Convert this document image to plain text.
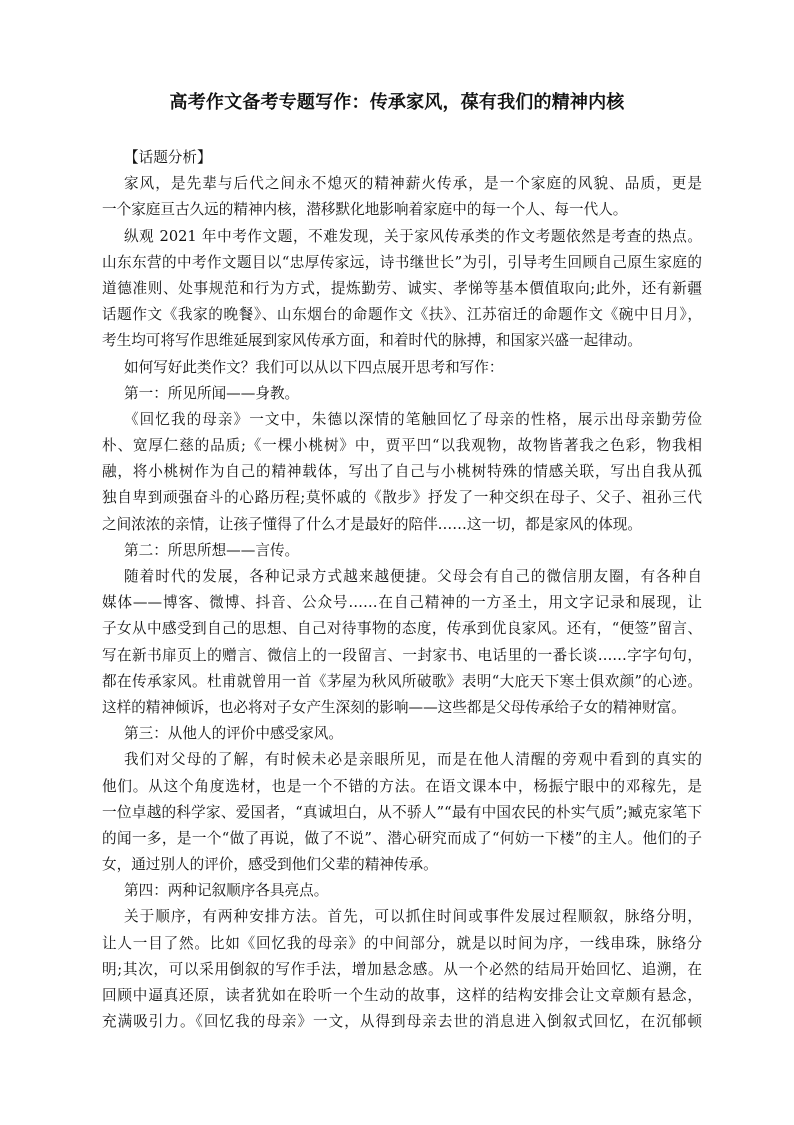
高考作文备考专题写作：传承家风，葆有我们的精神内核
【话题分析】
家风，是先辈与后代之间永不熄灭的精神薪火传承，是一个家庭的风貌、品质，更是
一个家庭亘古久远的精神内核，潜移默化地影响着家庭中的每一个人、每一代人。
纵观 2021 年中考作文题，不难发现，关于家风传承类的作文考题依然是考查的热点。
山东东营的中考作文题目以“忠厚传家远，诗书继世长”为引，引导考生回顾自己原生家庭的
道德准则、处事规范和行为方式，提炼勤劳、诚实、孝悌等基本價值取向;此外，还有新疆
话题作文《我家的晚餐》、山东烟台的命题作文《扶》、江苏宿迁的命题作文《碗中日月》，
考生均可将写作思维延展到家风传承方面，和着时代的脉搏，和国家兴盛一起律动。
如何写好此类作文？我们可以从以下四点展开思考和写作：
第一：所见所闻——身教。
《回忆我的母亲》一文中，朱德以深情的笔触回忆了母亲的性格，展示出母亲勤劳俭
朴、宽厚仁慈的品质;《一棵小桃树》中，贾平凹“以我观物，故物皆著我之色彩，物我相
融，将小桃树作为自己的精神载体，写出了自己与小桃树特殊的情感关联，写出自我从孤
独自卑到顽强奋斗的心路历程;莫怀戚的《散步》抒发了一种交织在母子、父子、祖孙三代
之间浓浓的亲情，让孩子懂得了什么才是最好的陪伴……这一切，都是家风的体现。
第二：所思所想——言传。
随着时代的发展，各种记录方式越来越便捷。父母会有自己的微信朋友圈，有各种自
媒体——博客、微博、抖音、公众号……在自己精神的一方圣土，用文字记录和展现，让
子女从中感受到自己的思想、自己对待事物的态度，传承到优良家风。还有，“便签”留言、
写在新书扉页上的赠言、微信上的一段留言、一封家书、电话里的一番长谈……字字句句，
都在传承家风。杜甫就曾用一首《茅屋为秋风所破歌》表明“大庇天下寒士俱欢颜”的心迹。
这样的精神倾诉，也必将对子女产生深刻的影响——这些都是父母传承给子女的精神财富。
第三：从他人的评价中感受家风。
我们对父母的了解，有时候未必是亲眼所见，而是在他人清醒的旁观中看到的真实的
他们。从这个角度选材，也是一个不错的方法。在语文课本中，杨振宁眼中的邓稼先，是
一位卓越的科学家、爱国者，“真诚坦白，从不骄人”“最有中国农民的朴实气质”;臧克家笔下
的闻一多，是一个“做了再说，做了不说”、潜心研究而成了“何妨一下楼”的主人。他们的子
女，通过别人的评价，感受到他们父辈的精神传承。
第四：两种记叙顺序各具亮点。
关于顺序，有两种安排方法。首先，可以抓住时间或事件发展过程顺叙，脉络分明，
让人一目了然。比如《回忆我的母亲》的中间部分，就是以时间为序，一线串珠，脉络分
明;其次，可以采用倒叙的写作手法，增加悬念感。从一个必然的结局开始回忆、追溯，在
回顾中逼真还原，读者犹如在聆听一个生动的故事，这样的结构安排会让文章颇有悬念，
充满吸引力。《回忆我的母亲》一文，从得到母亲去世的消息进入倒叙式回忆，在沉郁顿
